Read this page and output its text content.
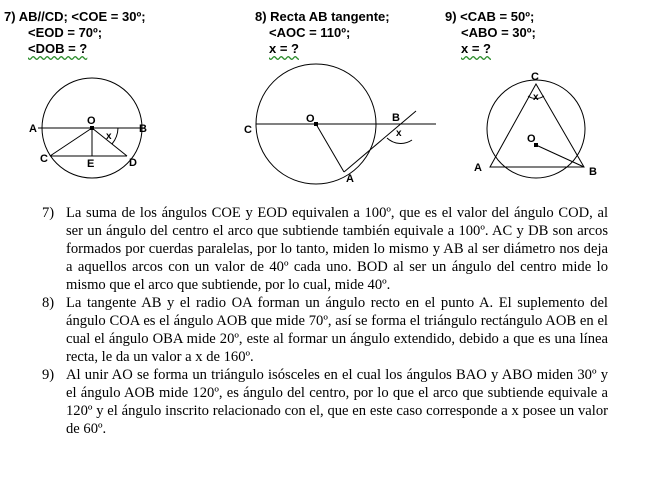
7) AB//CD; <COE = 30º;
<EOD = 70º;
<DOB = ?
8) Recta AB tangente;
<AOC = 110º;
x = ?
9) <CAB = 50º;
<ABO = 30º;
x = ?
A	B
O
C	E	D
x
C
O	B
A
x
C
O
A	B
x
7) La suma de los ángulos COE y EOD equivalen a 100º, que es el valor del ángulo COD, al ser un ángulo del centro el arco que subtiende también equivale a 100º. AC y DB son arcos formados por cuerdas paralelas, por lo tanto, miden lo mismo y AB al ser diámetro nos deja a aquellos arcos con un valor de 40º cada uno. BOD al ser un ángulo del centro mide lo mismo que el arco que subtiende, por lo cual, mide 40º.
8) La tangente AB y el radio OA forman un ángulo recto en el punto A. El suplemento del ángulo COA es el ángulo AOB que mide 70º, así se forma el triángulo rectángulo AOB en el cual el ángulo OBA mide 20º, este al formar un ángulo extendido, debido a que es una línea recta, le da un valor a x de 160º.
9) Al unir AO se forma un triángulo isósceles en el cual los ángulos BAO y ABO miden 30º y el ángulo AOB mide 120º, es ángulo del centro, por lo que el arco que subtiende equivale a 120º y el ángulo inscrito relacionado con el, que en este caso corresponde a x posee un valor de 60º.
